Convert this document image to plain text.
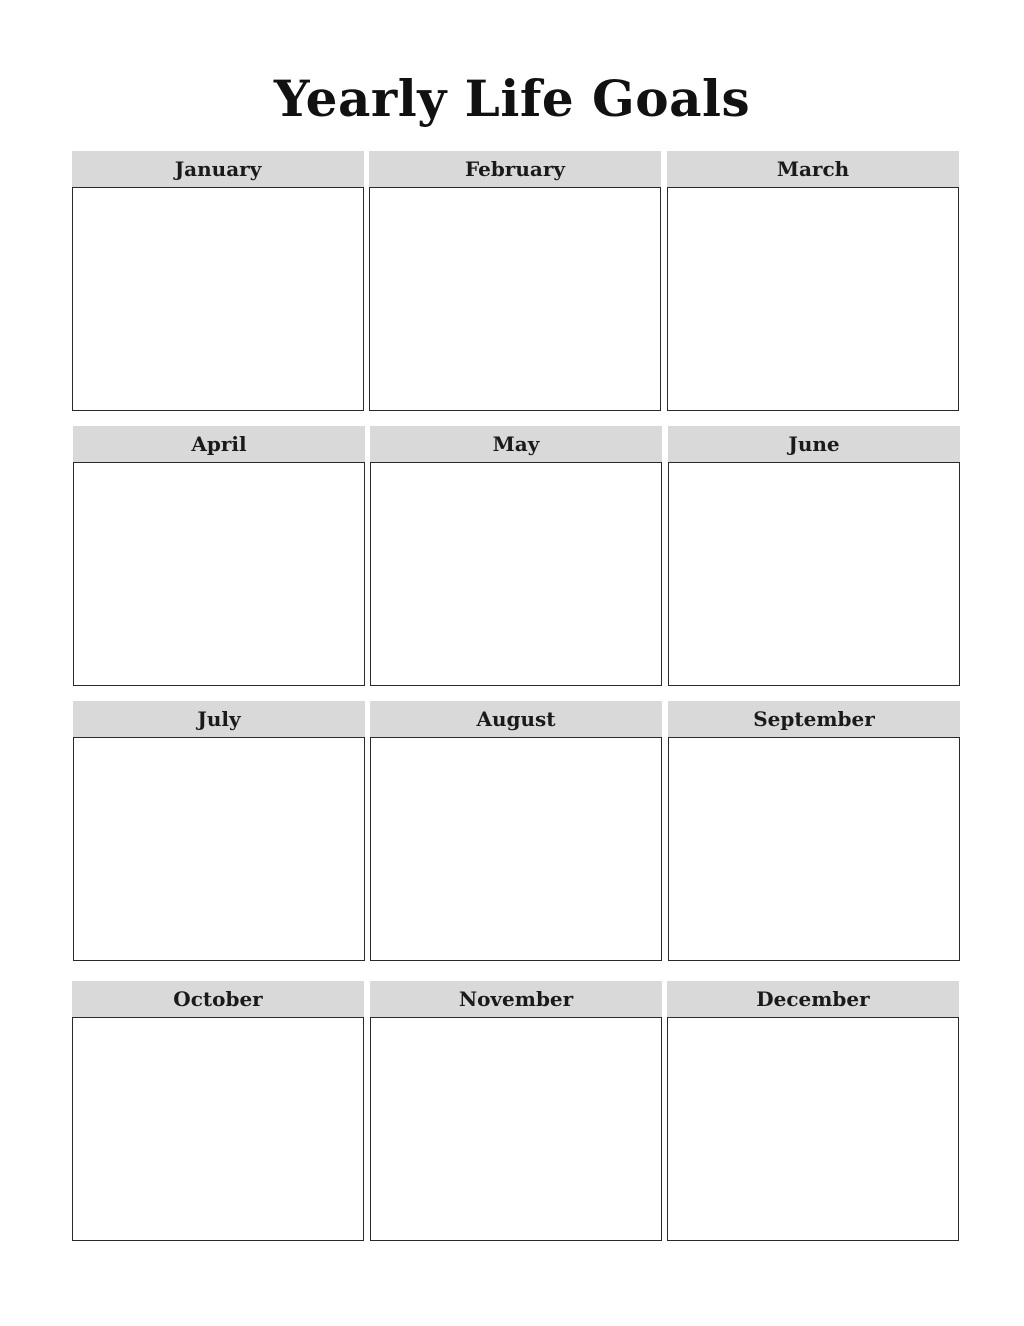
Yearly Life Goals
January	February	March
April	May	June
July	August	September
October	November	December
